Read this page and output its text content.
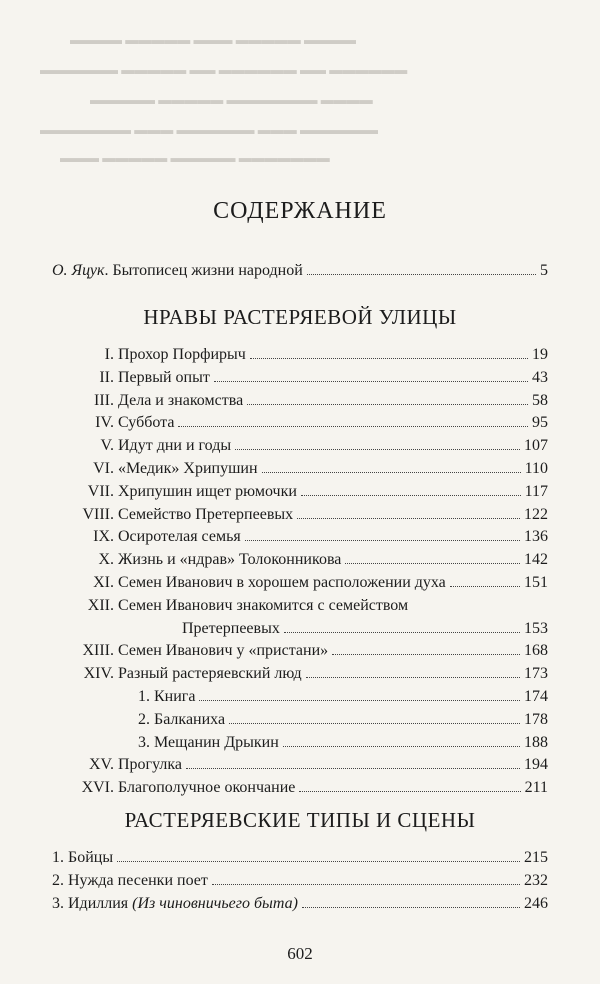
▬▬▬▬ ▬▬▬▬▬ ▬▬▬ ▬▬▬▬▬ ▬▬▬▬

▬▬▬▬▬▬ ▬▬ ▬▬▬▬▬▬ ▬▬ ▬▬▬▬▬ ▬▬▬▬▬▬

▬▬▬▬ ▬▬▬▬▬▬▬ ▬▬▬▬▬ ▬▬▬▬▬

▬▬▬▬▬▬ ▬▬▬ ▬▬▬▬▬▬ ▬▬▬ ▬▬▬▬▬▬▬

▬▬▬▬▬▬▬ ▬▬▬▬▬ ▬▬▬▬▬ ▬▬▬

СОДЕРЖАНИЕ
О. Яцук. Бытописец жизни народной	5
НРАВЫ РАСТЕРЯЕВОЙ УЛИЦЫ
I. Прохор Порфирыч	19
II. Первый опыт	43
III. Дела и знакомства	58
IV. Суббота	95
V. Идут дни и годы	107
VI. «Медик» Хрипушин	110
VII. Хрипушин ищет рюмочки	117
VIII. Семейство Претерпеевых	122
IX. Осиротелая семья	136
X. Жизнь и «ндрав» Толоконникова	142
XI. Семен Иванович в хорошем расположении духа	151
XII. Семен Иванович знакомится с семейством
Претерпеевых	153
XIII. Семен Иванович у «пристани»	168
XIV. Разный растеряевский люд	173
1. Книга	174
2. Балканиха	178
3. Мещанин Дрыкин	188
XV. Прогулка	194
XVI. Благополучное окончание	211
РАСТЕРЯЕВСКИЕ ТИПЫ И СЦЕНЫ
1. Бойцы	215
2. Нужда песенки поет	232
3. Идиллия (Из чиновничьего быта)	246
602
